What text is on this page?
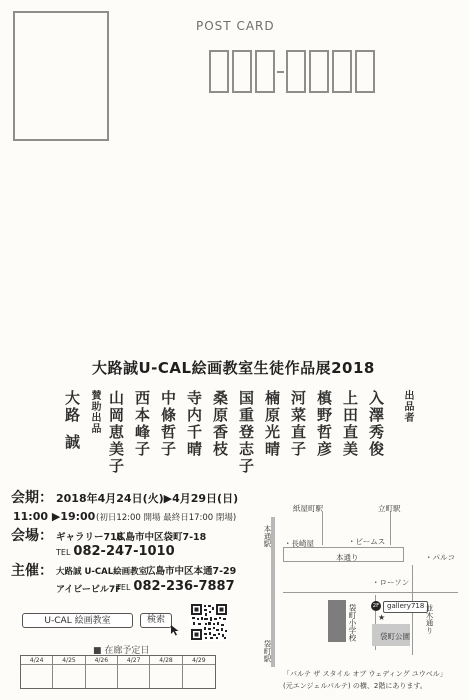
POST CARD
大路誠U-CAL絵画教室生徒作品展2018
出品者
入澤秀俊
上田直美
槙野哲彦
河菜直子
楠原光晴
国重登志子
桑原香枝
寺内千晴
中條哲子
西本峰子
山岡恵美子
賛助出品
大路誠
会期： 2018年4月24日(火)▶4月29日(日)
11:00 ▶19:00 (初日12:00 開場 最終日17:00 閉場)
会場： ギャラリー718
広島市中区袋町7-18
TEL 082-247-1010
主催： 大路誠 U-CAL絵画教室
広島市中区本通7-29
アイビービル7F
TEL 082-236-7887
U-CAL 絵画教室	検索
■ 在廊予定日
4/24	4/25	4/26	4/27	4/28	4/29
紙屋町駅	立町駅
本通駅
袋町駅
・長崎屋	・ビームス
本通り	・パルコ
・ローソン
2F	gallery718
★	並木通り
袋町小学校	袋町公園
「パルテ ザ スタイル オブ ウェディング ユウベル」
(元エンジェルパルテ) の横、2階にあります。
